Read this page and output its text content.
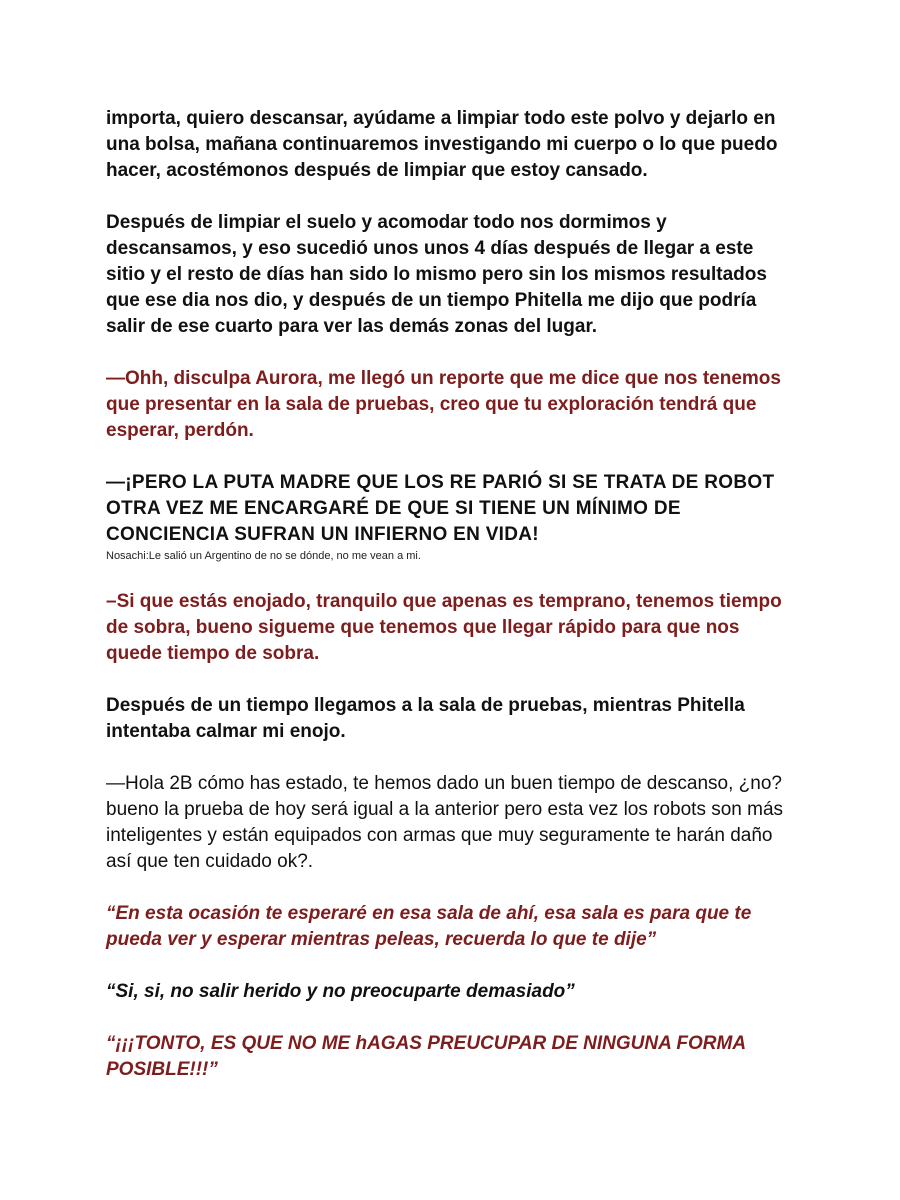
importa, quiero descansar, ayúdame a limpiar todo este polvo y dejarlo en una bolsa, mañana continuaremos investigando mi cuerpo o lo que puedo hacer, acostémonos después de limpiar que estoy cansado.

Después de limpiar el suelo y acomodar todo nos dormimos y descansamos, y eso sucedió unos unos 4 días después de llegar a este sitio y el resto de días han sido lo mismo pero sin los mismos resultados que ese dia nos dio, y después de un tiempo Phitella me dijo que podría salir de ese cuarto para ver las demás zonas del lugar.

—Ohh, disculpa Aurora, me llegó un reporte que me dice que nos tenemos que presentar en la sala de pruebas, creo que tu exploración tendrá que esperar, perdón.

—¡PERO LA PUTA MADRE QUE LOS RE PARIÓ SI SE TRATA DE ROBOT OTRA VEZ ME ENCARGARÉ DE QUE SI TIENE UN MÍNIMO DE CONCIENCIA SUFRAN UN INFIERNO EN VIDA!

Nosachi:Le salió un Argentino de no se dónde, no me vean a mi.

–Si que estás enojado, tranquilo que apenas es temprano, tenemos tiempo de sobra, bueno sigueme que tenemos que llegar rápido para que nos quede tiempo de sobra.

Después de un tiempo llegamos a la sala de pruebas, mientras Phitella intentaba calmar mi enojo.

—Hola 2B cómo has estado, te hemos dado un buen tiempo de descanso, ¿no? bueno la prueba de hoy será igual a la anterior pero esta vez los robots son más inteligentes y están equipados con armas que muy seguramente te harán daño así que ten cuidado ok?.

“En esta ocasión te esperaré en esa sala de ahí, esa sala es para que te pueda ver y esperar mientras peleas, recuerda lo que te dije”

“Si, si, no salir herido y no preocuparte demasiado”

“¡¡¡TONTO, ES QUE NO ME hAGAS PREUCUPAR DE NINGUNA FORMA POSIBLE!!!”
